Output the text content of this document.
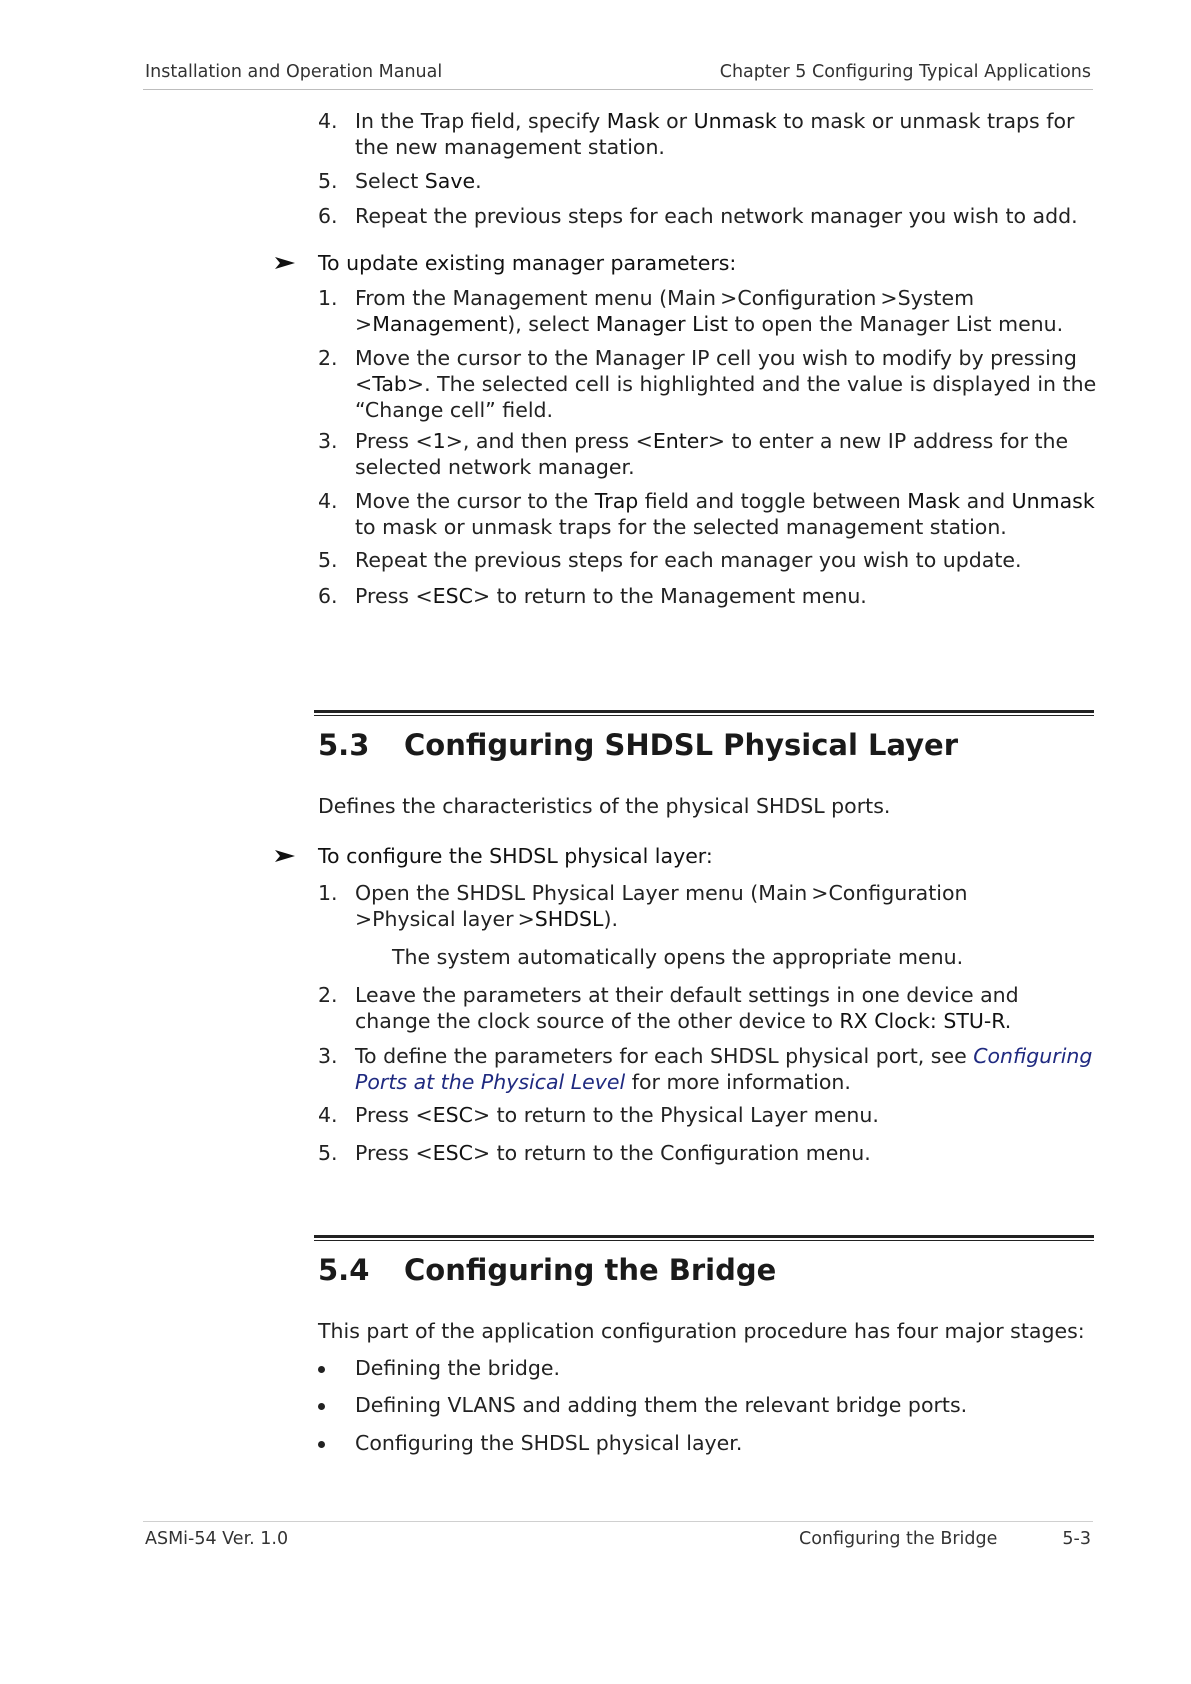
Installation and Operation Manual	Chapter 5 Configuring Typical Applications
4. In the Trap field, specify Mask or Unmask to mask or unmask traps for the new management station.
5. Select Save.
6. Repeat the previous steps for each network manager you wish to add.
To update existing manager parameters:
1. From the Management menu (Main >Configuration >System >Management), select Manager List to open the Manager List menu.
2. Move the cursor to the Manager IP cell you wish to modify by pressing <Tab>. The selected cell is highlighted and the value is displayed in the “Change cell” field.
3. Press <1>, and then press <Enter> to enter a new IP address for the selected network manager.
4. Move the cursor to the Trap field and toggle between Mask and Unmask to mask or unmask traps for the selected management station.
5. Repeat the previous steps for each manager you wish to update.
6. Press <ESC> to return to the Management menu.
5.3 Configuring SHDSL Physical Layer
Defines the characteristics of the physical SHDSL ports.
To configure the SHDSL physical layer:
1. Open the SHDSL Physical Layer menu (Main >Configuration >Physical layer >SHDSL).
The system automatically opens the appropriate menu.
2. Leave the parameters at their default settings in one device and change the clock source of the other device to RX Clock: STU-R.
3. To define the parameters for each SHDSL physical port, see Configuring Ports at the Physical Level for more information.
4. Press <ESC> to return to the Physical Layer menu.
5. Press <ESC> to return to the Configuration menu.
5.4 Configuring the Bridge
This part of the application configuration procedure has four major stages:
Defining the bridge.
Defining VLANS and adding them the relevant bridge ports.
Configuring the SHDSL physical layer.
ASMi-54 Ver. 1.0	Configuring the Bridge	5-3
